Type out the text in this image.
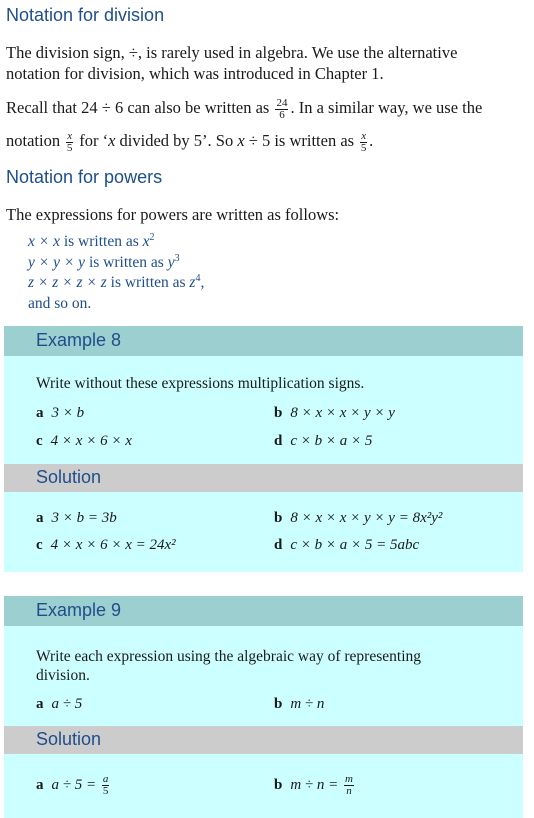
Notation for division
The division sign, ÷, is rarely used in algebra. We use the alternative
notation for division, which was introduced in Chapter 1.
Recall that 24 ÷ 6 can also be written as $\frac{24}{6}$ . In a similar way, we use the
notation $\frac{x}{5}$ for ‘x divided by 5’. So x ÷ 5 is written as $\frac{x}{5}$ .
Notation for powers
The expressions for powers are written as follows:
x × x is written as $x^2$
y × y × y is written as $y^3$
z × z × z × z is written as $z^4$,
and so on.
Example 8
Write without these expressions multiplication signs.
a 3 × b	b 8 × x × x × y × y
c 4 × x × 6 × x	d c × b × a × 5
Solution
a 3 × b = 3b	b 8 × x × x × y × y = 8x²y²
c 4 × x × 6 × x = 24x²	d c × b × a × 5 = 5abc
Example 9
Write each expression using the algebraic way of representing
division.
a a ÷ 5	b m ÷ n
Solution
a $a \div 5 = \frac{a}{5}$	b $m \div n = \frac{m}{n}$
